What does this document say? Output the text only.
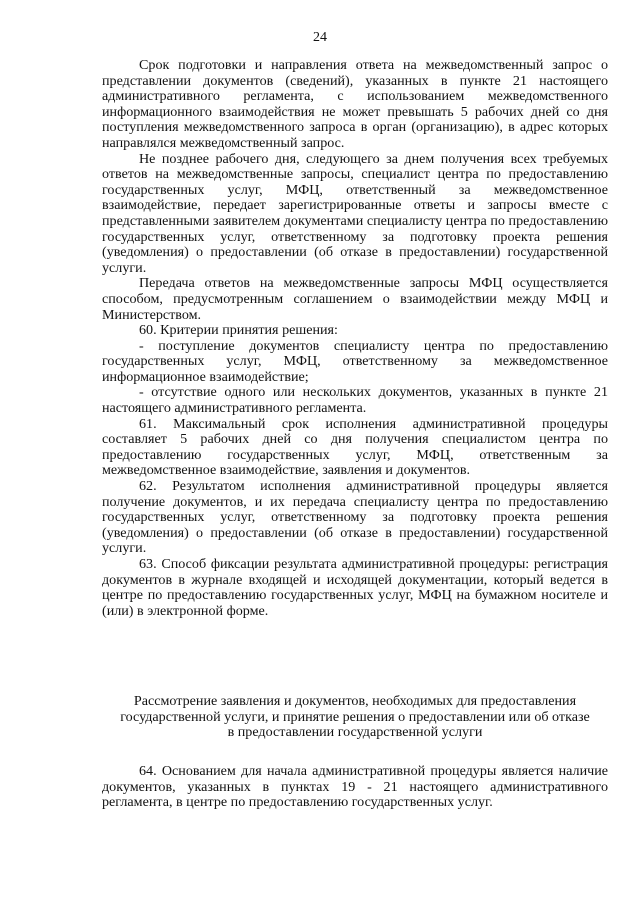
24

Срок подготовки и направления ответа на межведомственный запрос о представлении документов (сведений), указанных в пункте 21 настоящего административного регламента, с использованием межведомственного информационного взаимодействия не может превышать 5 рабочих дней со дня поступления межведомственного запроса в орган (организацию), в адрес которых направлялся межведомственный запрос.

Не позднее рабочего дня, следующего за днем получения всех требуемых ответов на межведомственные запросы, специалист центра по предоставлению государственных услуг, МФЦ, ответственный за межведомственное взаимодействие, передает зарегистрированные ответы и запросы вместе с представленными заявителем документами специалисту центра по предоставлению государственных услуг, ответственному за подготовку проекта решения (уведомления) о предоставлении (об отказе в предоставлении) государственной услуги.

Передача ответов на межведомственные запросы МФЦ осуществляется способом, предусмотренным соглашением о взаимодействии между МФЦ и Министерством.

60. Критерии принятия решения:

- поступление документов специалисту центра по предоставлению государственных услуг, МФЦ, ответственному за межведомственное информационное взаимодействие;

- отсутствие одного или нескольких документов, указанных в пункте 21 настоящего административного регламента.

61. Максимальный срок исполнения административной процедуры составляет 5 рабочих дней со дня получения специалистом центра по предоставлению государственных услуг, МФЦ, ответственным за межведомственное взаимодействие, заявления и документов.

62. Результатом исполнения административной процедуры является получение документов, и их передача специалисту центра по предоставлению государственных услуг, ответственному за подготовку проекта решения (уведомления) о предоставлении (об отказе в предоставлении) государственной услуги.

63. Способ фиксации результата административной процедуры: регистрация документов в журнале входящей и исходящей документации, который ведется в центре по предоставлению государственных услуг, МФЦ на бумажном носителе и (или) в электронной форме.

Рассмотрение заявления и документов, необходимых для предоставления

государственной услуги, и принятие решения о предоставлении или об отказе

в предоставлении государственной услуги

64. Основанием для начала административной процедуры является наличие документов, указанных в пунктах 19 - 21 настоящего административного регламента, в центре по предоставлению государственных услуг.
